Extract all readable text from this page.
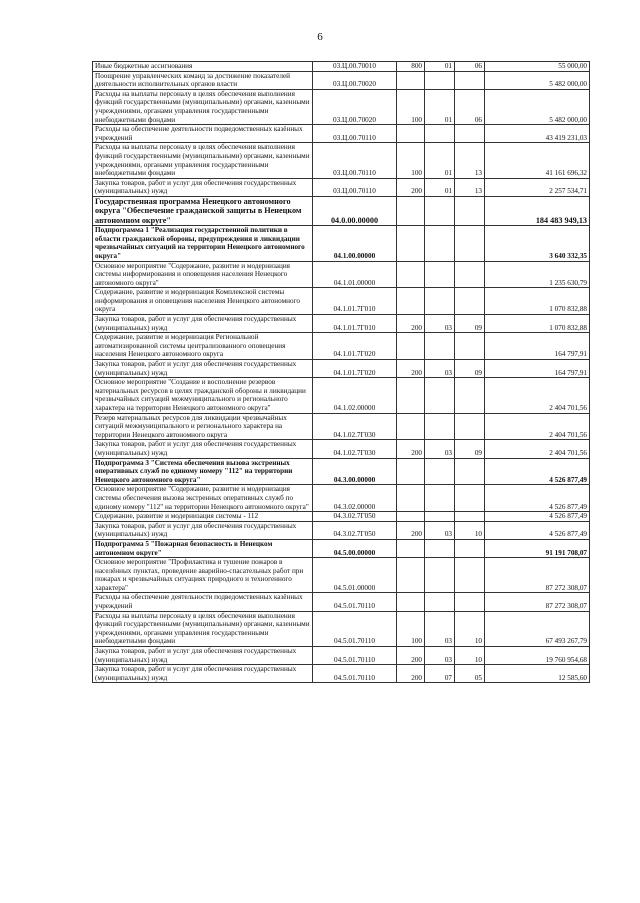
6
Иные бюджетные ассигнования	03.Ц.00.70010	800	01	06	55 000,00
Поощрение управленческих команд за достижение показателей деятельности исполнительных органов власти	03.Ц.00.70020				5 482 000,00
Расходы на выплаты персоналу в целях обеспечения выполнения функций государственными (муниципальными) органами, казенными учреждениями, органами управления государственными внебюджетными фондами	03.Ц.00.70020	100	01	06	5 482 000,00
Расходы на обеспечение деятельности подведомственных казённых учреждений	03.Ц.00.70110				43 419 231,03
Расходы на выплаты персоналу в целях обеспечения выполнения функций государственными (муниципальными) органами, казенными учреждениями, органами управления государственными внебюджетными фондами	03.Ц.00.70110	100	01	13	41 161 696,32
Закупка товаров, работ и услуг для обеспечения государственных (муниципальных) нужд	03.Ц.00.70110	200	01	13	2 257 534,71
Государственная программа Ненецкого автономного округа "Обеспечение гражданской защиты в Ненецком автономном округе"	04.0.00.00000				184 483 949,13
Подпрограмма 1 "Реализация государственной политики в области гражданской обороны, предупреждения и ликвидации чрезвычайных ситуаций на территории Ненецкого автономного округа"	04.1.00.00000				3 640 332,35
Основное мероприятие "Содержание, развитие и модернизация системы информирования и оповещения населения Ненецкого автономного округа"	04.1.01.00000				1 235 630,79
Содержание, развитие и модернизация Комплексной системы информирования и оповещения населения Ненецкого автономного округа	04.1.01.7Г010				1 070 832,88
Закупка товаров, работ и услуг для обеспечения государственных (муниципальных) нужд	04.1.01.7Г010	200	03	09	1 070 832,88
Содержание, развитие и модернизация Региональной автоматизированной системы централизованного оповещения населения Ненецкого автономного округа	04.1.01.7Г020				164 797,91
Закупка товаров, работ и услуг для обеспечения государственных (муниципальных) нужд	04.1.01.7Г020	200	03	09	164 797,91
Основное мероприятие "Создание и восполнение резервов материальных ресурсов в целях гражданской обороны и ликвидации чрезвычайных ситуаций межмуниципального и регионального характера на территории Ненецкого автономного округа"	04.1.02.00000				2 404 701,56
Резерв материальных ресурсов для ликвидации чрезвычайных ситуаций межмуниципального и регионального характера на территории Ненецкого автономного округа	04.1.02.7Г030				2 404 701,56
Закупка товаров, работ и услуг для обеспечения государственных (муниципальных) нужд	04.1.02.7Г030	200	03	09	2 404 701,56
Подпрограмма 3 "Система обеспечения вызова экстренных оперативных служб по единому номеру "112" на территории Ненецкого автономного округа"	04.3.00.00000				4 526 877,49
Основное мероприятие "Содержание, развитие и модернизация системы обеспечения вызова экстренных оперативных служб по единому номеру "112" на территории Ненецкого автономного округа"	04.3.02.00000				4 526 877,49
Содержание, развитие и модернизация системы - 112	04.3.02.7Г050				4 526 877,49
Закупка товаров, работ и услуг для обеспечения государственных (муниципальных) нужд	04.3.02.7Г050	200	03	10	4 526 877,49
Подпрограмма 5 "Пожарная безопасность в Ненецком автономном округе"	04.5.00.00000				91 191 708,07
Основное мероприятие "Профилактика и тушение пожаров в населённых пунктах, проведение аварийно-спасательных работ при пожарах и чрезвычайных ситуациях природного и техногенного характера"	04.5.01.00000				87 272 308,07
Расходы на обеспечение деятельности подведомственных казённых учреждений	04.5.01.70110				87 272 308,07
Расходы на выплаты персоналу в целях обеспечения выполнения функций государственными (муниципальными) органами, казенными учреждениями, органами управления государственными внебюджетными фондами	04.5.01.70110	100	03	10	67 493 267,79
Закупка товаров, работ и услуг для обеспечения государственных (муниципальных) нужд	04.5.01.70110	200	03	10	19 760 954,68
Закупка товаров, работ и услуг для обеспечения государственных (муниципальных) нужд	04.5.01.70110	200	07	05	12 585,60
